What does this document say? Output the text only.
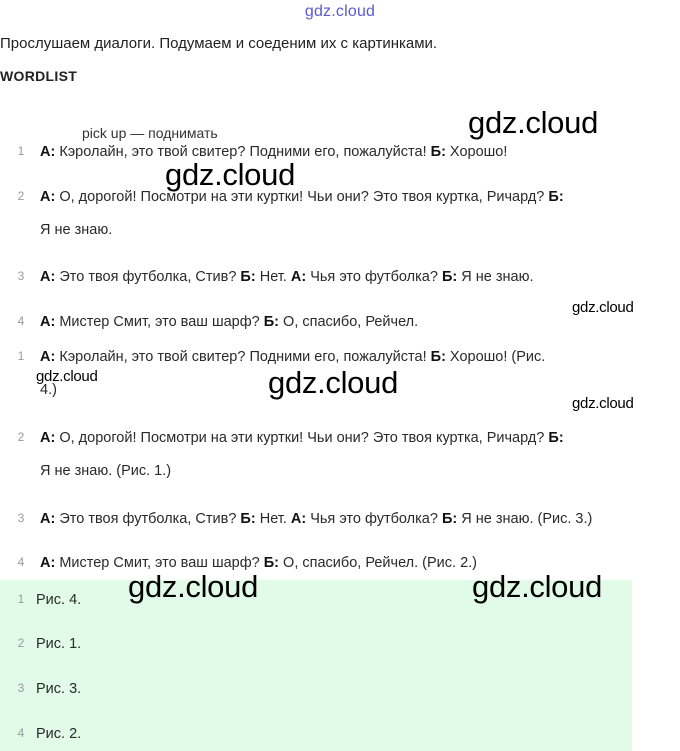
gdz.cloud
Прослушаем диалоги. Подумаем и соеденим их с картинками.
WORDLIST
pick up — поднимать
1 А: Кэролайн, это твой свитер? Подними его, пожалуйста! Б: Хорошо!
2 А: О, дорогой! Посмотри на эти куртки! Чьи они? Это твоя куртка, Ричард? Б:
Я не знаю.
3 А: Это твоя футболка, Стив? Б: Нет. А: Чья это футболка? Б: Я не знаю.
4 А: Мистер Смит, это ваш шарф? Б: О, спасибо, Рейчел.
1 А: Кэролайн, это твой свитер? Подними его, пожалуйста! Б: Хорошо! (Рис.
4.)
2 А: О, дорогой! Посмотри на эти куртки! Чьи они? Это твоя куртка, Ричард? Б:
Я не знаю. (Рис. 1.)
3 А: Это твоя футболка, Стив? Б: Нет. А: Чья это футболка? Б: Я не знаю. (Рис. 3.)
4 А: Мистер Смит, это ваш шарф? Б: О, спасибо, Рейчел. (Рис. 2.)
1 Рис. 4.
2 Рис. 1.
3 Рис. 3.
4 Рис. 2.
gdz.cloud
gdz.cloud
gdz.cloud
gdz.cloud	gdz.cloud
gdz.cloud
gdz.cloud	gdz.cloud
